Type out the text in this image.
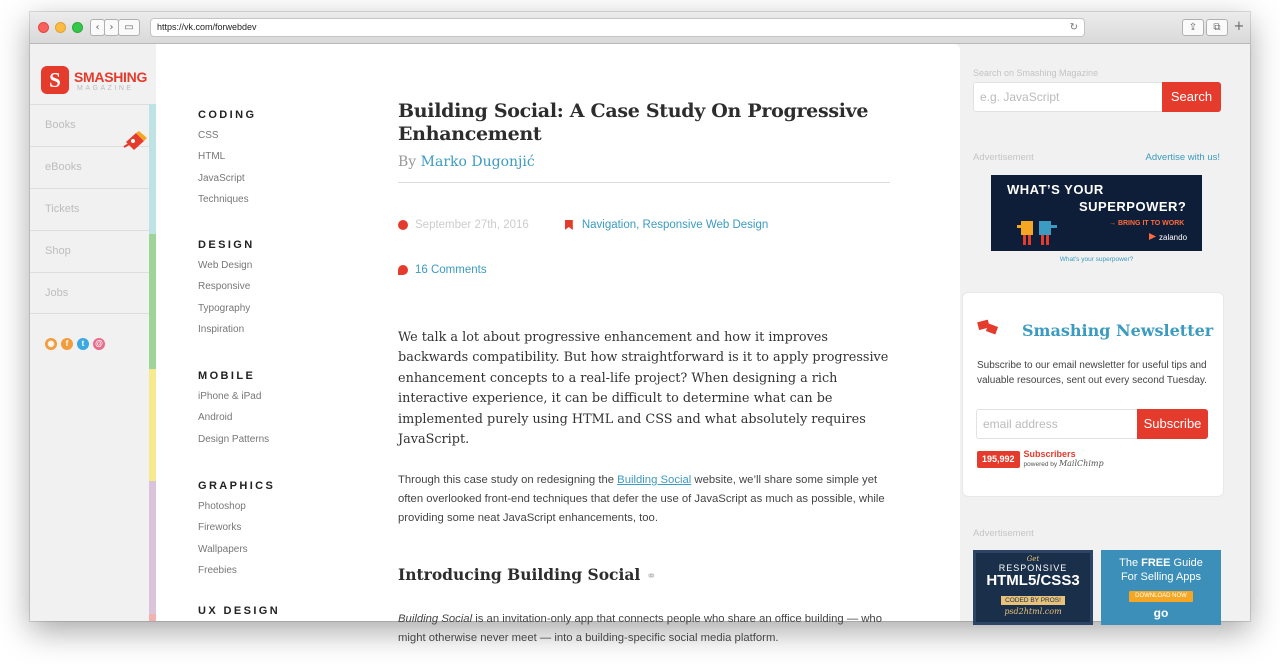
‹	›	▭	https://vk.com/forwebdev	↻	⇪	⧉ +
S SMASHING
MAGAZINE
Books
eBooks
Tickets
Shop
Jobs
◉	f	t	@
CODING
CSS
HTML
JavaScript
Techniques
DESIGN
Web Design
Responsive
Typography
Inspiration
MOBILE
iPhone & iPad
Android
Design Patterns
GRAPHICS
Photoshop
Fireworks
Wallpapers
Freebies
UX DESIGN
Building Social: A Case Study On Progressive Enhancement
By Marko Dugonjić
September 27th, 2016	Navigation, Responsive Web Design
16 Comments

We talk a lot about progressive enhancement and how it improves backwards compatibility. But how straightforward is it to apply progressive enhancement concepts to a real-life project? When designing a rich interactive experience, it can be difficult to determine what can be implemented purely using HTML and CSS and what absolutely requires JavaScript.

Through this case study on redesigning the Building Social website, we’ll share some simple yet often overlooked front-end techniques that defer the use of JavaScript as much as possible, while providing some neat JavaScript enhancements, too.

Introducing Building Social ⚭

Building Social is an invitation-only app that connects people who share an office building — who might otherwise never meet — into a building-specific social media platform.

Search on Smashing Magazine
e.g. JavaScript	Search
Advertisement	Advertise with us!
WHAT’S YOUR
SUPERPOWER?
→ BRING IT TO WORK
zalando
What's your superpower?
Smashing Newsletter

Subscribe to our email newsletter for useful tips and valuable resources, sent out every second Tuesday.

email address	Subscribe
195,992	Subscribers
powered by MailChimp
Advertisement
Get
RESPONSIVE
HTML5/CSS3
CODED BY PROS!
psd2html.com
The FREE Guide
For Selling Apps
DOWNLOAD NOW
go
